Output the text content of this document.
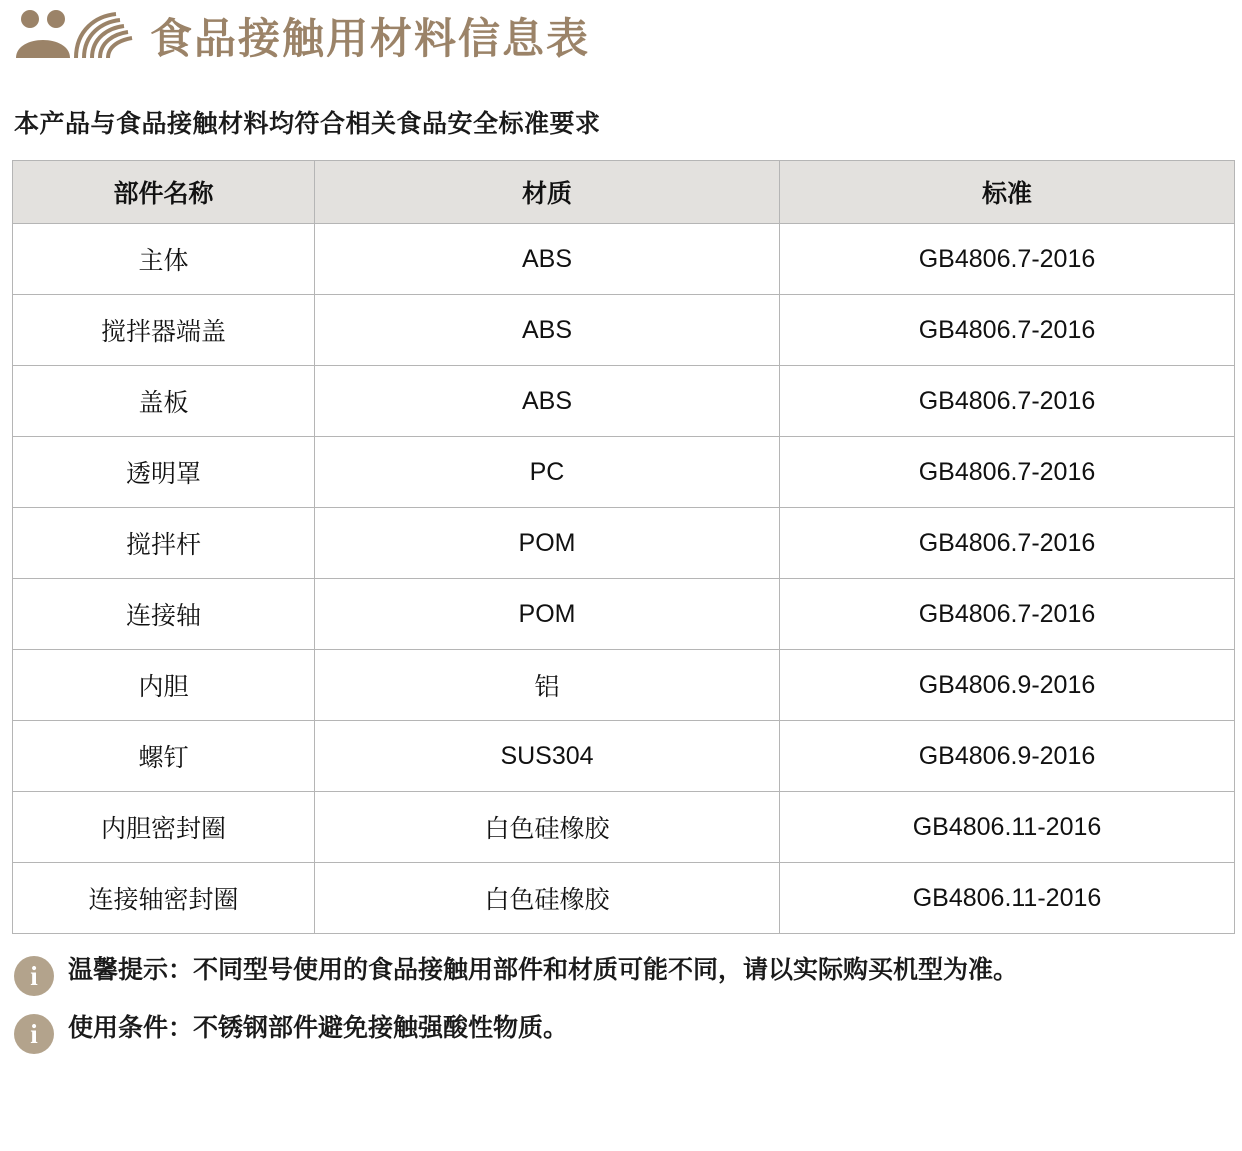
食品接触用材料信息表
本产品与食品接触材料均符合相关食品安全标准要求
部件名称	材质	标准
主体	ABS	GB4806.7-2016
搅拌器端盖	ABS	GB4806.7-2016
盖板	ABS	GB4806.7-2016
透明罩	PC	GB4806.7-2016
搅拌杆	POM	GB4806.7-2016
连接轴	POM	GB4806.7-2016
内胆	铝	GB4806.9-2016
螺钉	SUS304	GB4806.9-2016
内胆密封圈	白色硅橡胶	GB4806.11-2016
连接轴密封圈	白色硅橡胶	GB4806.11-2016
i	温馨提示：不同型号使用的食品接触用部件和材质可能不同，请以实际购买机型为准。
i	使用条件：不锈钢部件避免接触强酸性物质。
